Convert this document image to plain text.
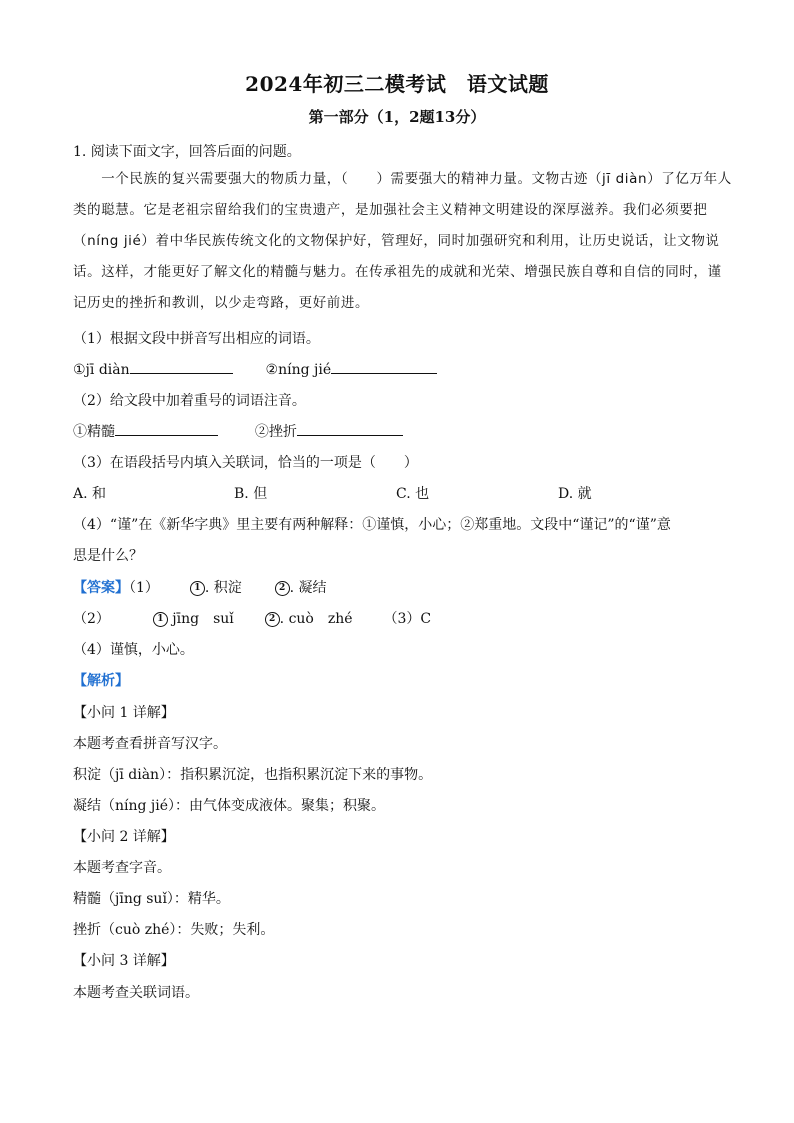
2024年初三二模考试　语文试题
第一部分（1，2题13分）
1. 阅读下面文字，回答后面的问题。
　　一个民族的复兴需要强大的物质力量，（　　）需要强大的精神力量。文物古迹（jī diàn）了亿万年人
类的聪慧。它是老祖宗留给我们的宝贵遗产，是加强社会主义精神文明建设的深厚滋养。我们必须要把
（níng jié）着中华民族传统文化的文物保护好，管理好，同时加强研究和利用，让历史说话，让文物说
话。这样，才能更好了解文化的精髓与魅力。在传承祖先的成就和光荣、增强民族自尊和自信的同时，谨
记历史的挫折和教训，以少走弯路，更好前进。
（1）根据文段中拼音写出相应的词语。
①jī diàn	②níng jié
（2）给文段中加着重号的词语注音。
①精髓	②挫折
（3）在语段括号内填入关联词，恰当的一项是（　　）
A. 和	B. 但	C. 也	D. 就
（4）“谨”在《新华字典》里主要有两种解释：①谨慎，小心；②郑重地。文段中“谨记”的“谨”意
思是什么？
【答案】（1）	1 . 积淀	2 . 凝结
（2）	1 jīng　suǐ	2 . cuò　zhé （3）C
（4）谨慎，小心。
【解析】
【小问 1 详解】
本题考查看拼音写汉字。
积淀（jī diàn）：指积累沉淀，也指积累沉淀下来的事物。
凝结（níng jié）：由气体变成液体。聚集；积聚。
【小问 2 详解】
本题考查字音。
精髓（jīng suǐ）：精华。
挫折（cuò zhé）：失败；失利。
【小问 3 详解】
本题考查关联词语。
